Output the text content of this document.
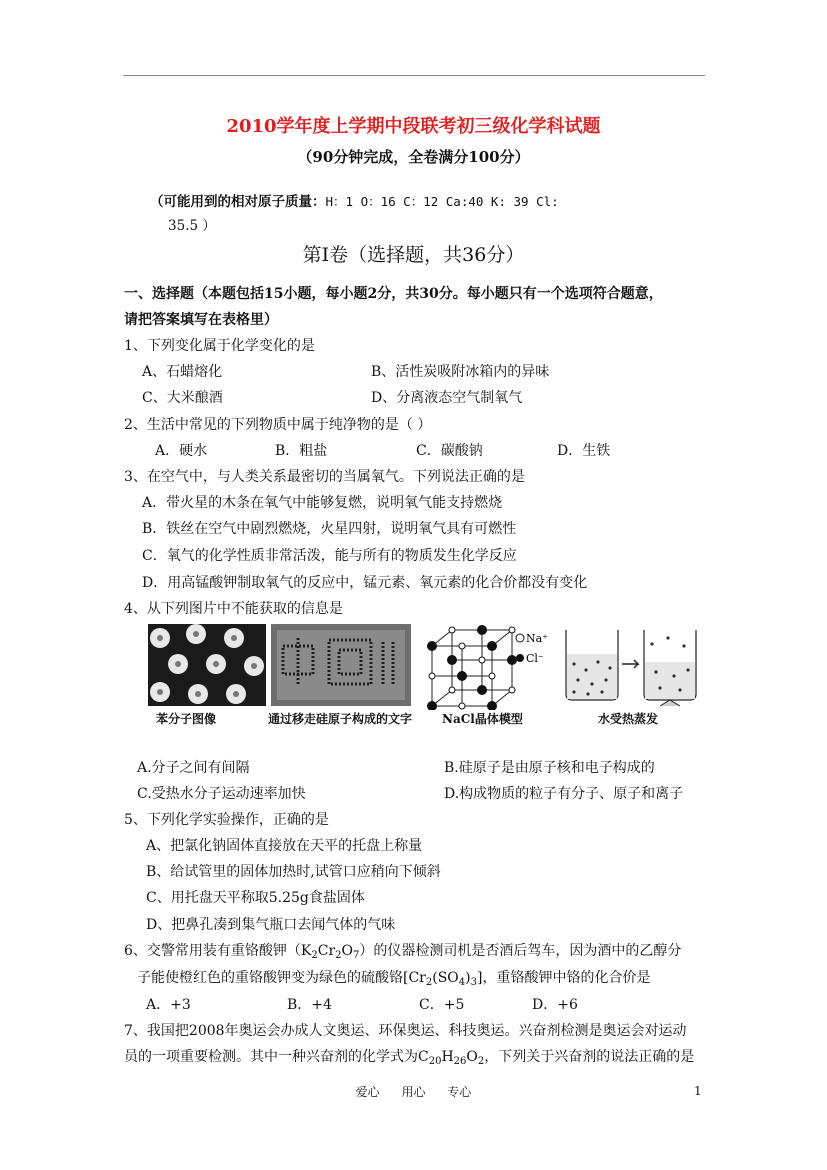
2010学年度上学期中段联考初三级化学科试题
（90分钟完成，全卷满分100分）
（可能用到的相对原子质量：H：1 O：16 C：12 Ca:40 K: 39 Cl:
35.5 ）
第Ⅰ卷（选择题，共36分）
一、选择题（本题包括15小题，每小题2分，共30分。每小题只有一个选项符合题意，
请把答案填写在表格里）
1、下列变化属于化学变化的是
A、石蜡熔化	B、活性炭吸附冰箱内的异味
C、大米酿酒	D、分离液态空气制氧气
2、生活中常见的下列物质中属于纯净物的是（ ）
A．硬水	B．粗盐	C．碳酸钠	D．生铁
3、在空气中，与人类关系最密切的当属氧气。下列说法正确的是
A．带火星的木条在氧气中能够复燃，说明氧气能支持燃烧
B．铁丝在空气中剧烈燃烧，火星四射，说明氧气具有可燃性
C．氧气的化学性质非常活泼，能与所有的物质发生化学反应
D．用高锰酸钾制取氧气的反应中，锰元素、氧元素的化合价都没有变化
4、从下列图片中不能获取的信息是
Na⁺
Cl⁻
苯分子图像	通过移走硅原子构成的文字 NaCl晶体模型	水受热蒸发
A.分子之间有间隔	B.硅原子是由原子核和电子构成的
C.受热水分子运动速率加快	D.构成物质的粒子有分子、原子和离子
5、下列化学实验操作，正确的是
A、把氯化钠固体直接放在天平的托盘上称量
B、给试管里的固体加热时,试管口应稍向下倾斜
C、用托盘天平称取5.25g食盐固体
D、把鼻孔凑到集气瓶口去闻气体的气味
6、交警常用装有重铬酸钾$(K_2Cr_2O_7)$的仪器检测司机是否酒后驾车，因为酒中的乙醇分
子能使橙红色的重铬酸钾变为绿色的硫酸铬$[Cr_2(SO_4)_3]$，重铬酸钾中铬的化合价是
A．+3	B．+4	C．+5	D．+6
7、我国把2008年奥运会办成人文奥运、环保奥运、科技奥运。兴奋剂检测是奥运会对运动
员的一项重要检测。其中一种兴奋剂的化学式为$C_{20}H_{26}O_2$，下列关于兴奋剂的说法正确的是
爱心 用心 专心	1
